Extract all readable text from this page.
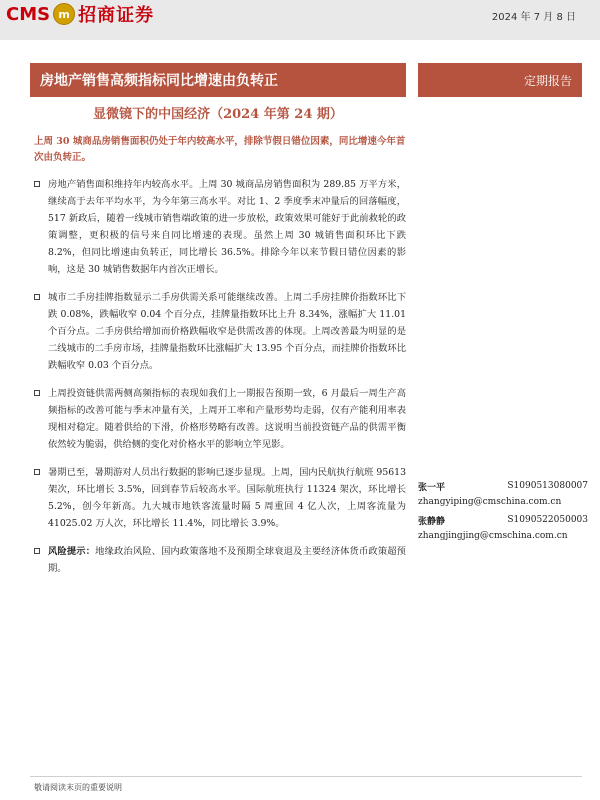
CMS m 招商证券	2024 年 7 月 8 日
房地产销售高频指标同比增速由负转正	定期报告
显微镜下的中国经济（2024 年第 24 期）

上周 30 城商品房销售面积仍处于年内较高水平，排除节假日错位因素，同比增速今年首次由负转正。

房地产销售面积维持年内较高水平。上周 30 城商品房销售面积为 289.85 万平方米，继续高于去年平均水平，为今年第三高水平。对比 1、2 季度季末冲量后的回落幅度，517 新政后，随着一线城市销售端政策的进一步放松，政策效果可能好于此前救轮的政策调整，更积极的信号来自同比增速的表现。虽然上周 30 城销售面积环比下跌 8.2%，但同比增速由负转正，同比增长 36.5%。排除今年以来节假日错位因素的影响，这是 30 城销售数据年内首次正增长。
城市二手房挂牌指数显示二手房供需关系可能继续改善。上周二手房挂牌价指数环比下跌 0.08%，跌幅收窄 0.04 个百分点，挂牌量指数环比上升 8.34%，涨幅扩大 11.01 个百分点。二手房供给增加而价格跌幅收窄是供需改善的体现。上周改善最为明显的是二线城市的二手房市场，挂牌量指数环比涨幅扩大 13.95 个百分点，而挂牌价指数环比跌幅收窄 0.03 个百分点。
上周投资链供需两侧高频指标的表现如我们上一期报告预期一致，6 月最后一周生产高频指标的改善可能与季末冲量有关，上周开工率和产量形势均走弱，仅有产能利用率表现相对稳定。随着供给的下滑，价格形势略有改善。这说明当前投资链产品的供需平衡依然较为脆弱，供给侧的变化对价格水平的影响立竿见影。
暑期已至，暑期游对人员出行数据的影响已逐步显现。上周，国内民航执行航班 95613 架次，环比增长 3.5%，回到春节后较高水平。国际航班执行 11324 架次，环比增长 5.2%，创今年新高。九大城市地铁客流量时隔 5 周重回 4 亿人次，上周客流量为 41025.02 万人次，环比增长 11.4%，同比增长 3.9%。
风险提示：地缘政治风险、国内政策落地不及预期全球衰退及主要经济体货币政策超预期。
张一平	S1090513080007
zhangyiping@cmschina.com.cn
张静静	S1090522050003
zhangjingjing@cmschina.com.cn
敬请阅读末页的重要说明
